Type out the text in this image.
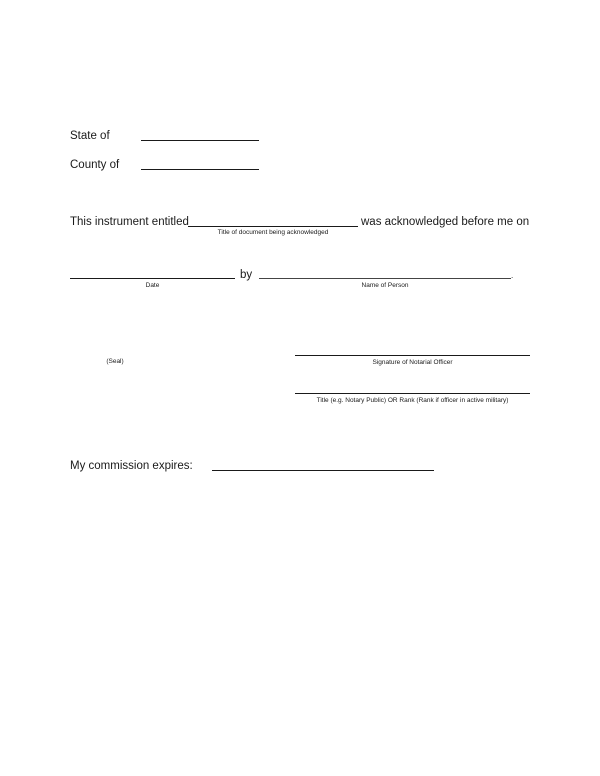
State of
County of
This instrument entitled	was acknowledged before me on
Title of document being acknowledged
by	.
Date	Name of Person
(Seal)	Signature of Notarial Officer
Title (e.g. Notary Public) OR Rank (Rank if officer in active military)
My commission expires:
